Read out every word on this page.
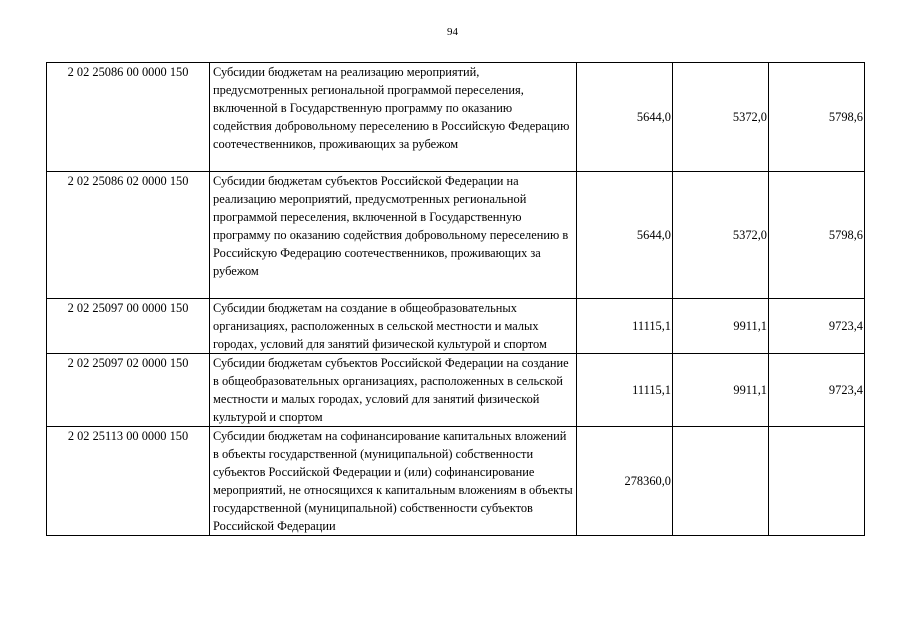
94
2 02 25086 00 0000 150	Субсидии бюджетам на реализацию мероприятий, предусмотренных региональной программой переселения, включенной в Государственную программу по оказанию содействия добровольному переселению в Российскую Федерацию соотечественников, проживающих за рубежом	5644,0	5372,0	5798,6
2 02 25086 02 0000 150	Субсидии бюджетам субъектов Российской Федерации на реализацию мероприятий, предусмотренных региональной программой переселения, включенной в Государственную программу по оказанию содействия добровольному переселению в Российскую Федерацию соотечественников, проживающих за рубежом	5644,0	5372,0	5798,6
2 02 25097 00 0000 150	Субсидии бюджетам на создание в общеобразовательных организациях, расположенных в сельской местности и малых городах, условий для занятий физической культурой и спортом	11115,1	9911,1	9723,4
2 02 25097 02 0000 150	Субсидии бюджетам субъектов Российской Федерации на создание в общеобразовательных организациях, расположенных в сельской местности и малых городах, условий для занятий физической культурой и спортом	11115,1	9911,1	9723,4
2 02 25113 00 0000 150	Субсидии бюджетам на софинансирование капитальных вложений в объекты государственной (муниципальной) собственности субъектов Российской Федерации и (или) софинансирование мероприятий, не относящихся к капитальным вложениям в объекты государственной (муниципальной) собственности субъектов Российской Федерации	278360,0		
